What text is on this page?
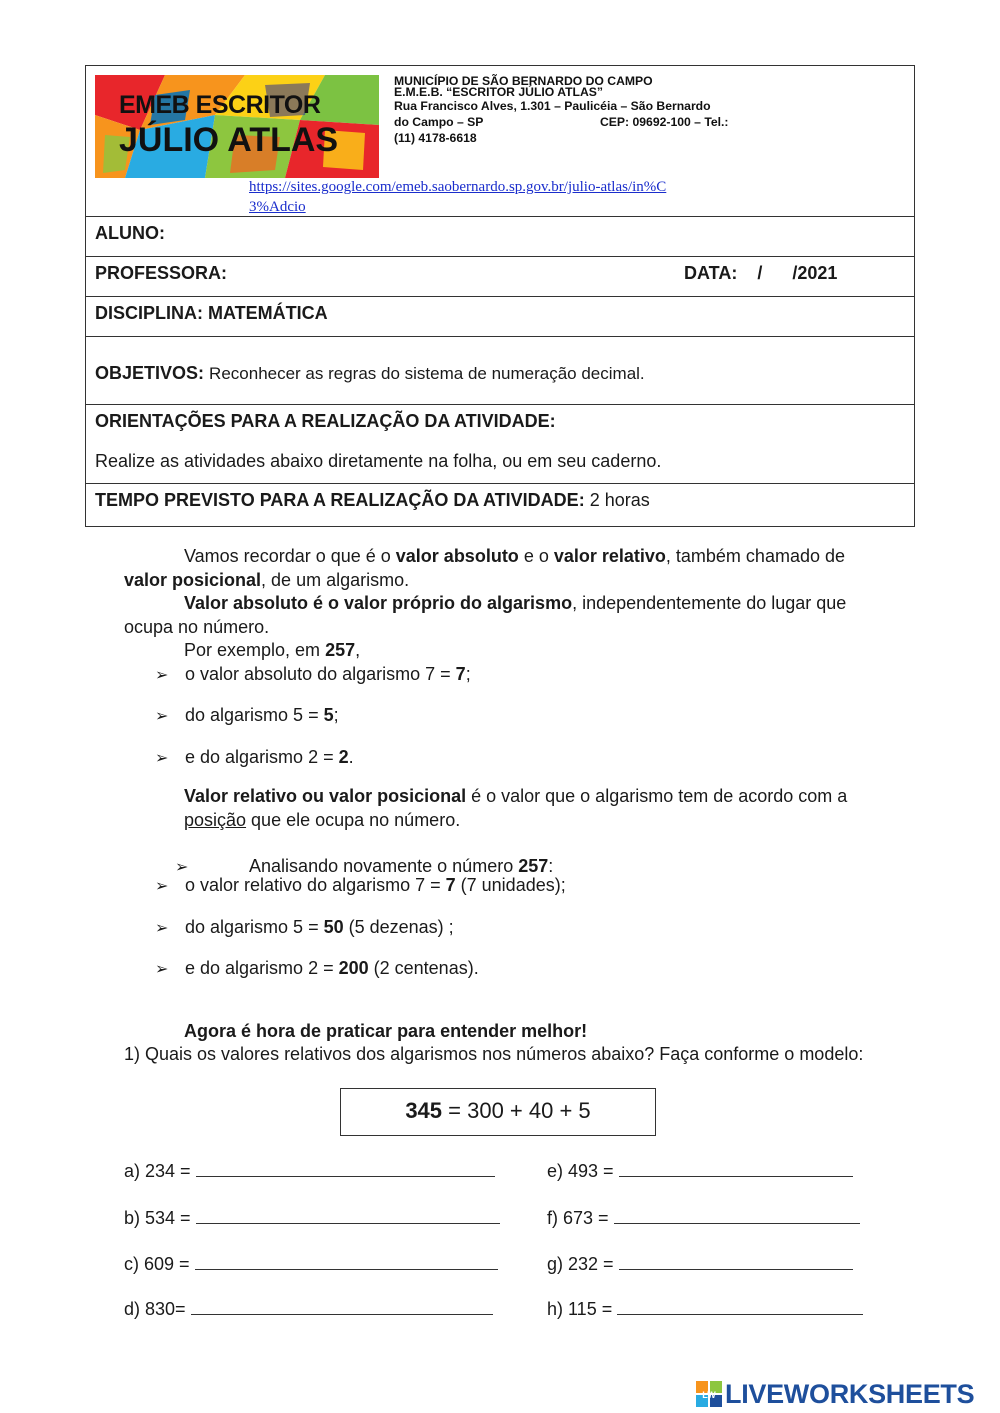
EMEB ESCRITOR
JÚLIO ATLAS
MUNICÍPIO DE SÃO BERNARDO DO CAMPO
E.M.E.B. “ESCRITOR JÚLIO ATLAS”
Rua Francisco Alves, 1.301 – Paulicéia – São Bernardo
do Campo – SP	CEP: 09692-100 – Tel.:
(11) 4178-6618
https://sites.google.com/emeb.saobernardo.sp.gov.br/julio-atlas/in%C3%Adcio
ALUNO:
PROFESSORA:	DATA:    /      /2021
DISCIPLINA: MATEMÁTICA
OBJETIVOS: Reconhecer as regras do sistema de numeração decimal.
ORIENTAÇÕES PARA A REALIZAÇÃO DA ATIVIDADE:
Realize as atividades abaixo diretamente na folha, ou em seu caderno.
TEMPO PREVISTO PARA A REALIZAÇÃO DA ATIVIDADE: 2 horas
Vamos recordar o que é o valor absoluto e o valor relativo, também chamado de valor posicional, de um algarismo.
Valor absoluto é o valor próprio do algarismo, independentemente do lugar que ocupa no número.
Por exemplo, em 257,
➢ o valor absoluto do algarismo 7 = 7;
➢ do algarismo 5 = 5;
➢ e do algarismo 2 = 2.
Valor relativo ou valor posicional é o valor que o algarismo tem de acordo com a posição que ele ocupa no número.

➢         Analisando novamente o número 257:

➢ o valor relativo do algarismo 7 = 7 (7 unidades);
➢ do algarismo 5 = 50 (5 dezenas) ;
➢ e do algarismo 2 = 200 (2 centenas).
Agora é hora de praticar para entender melhor!
1) Quais os valores relativos dos algarismos nos números abaixo? Faça conforme o modelo:
345 = 300 + 40 + 5
a) 234 =
b) 534 =
c) 609 =
d) 830=
e) 493 =
f) 673 =
g) 232 =
h) 115 =
LW LIVEWORKSHEETS
